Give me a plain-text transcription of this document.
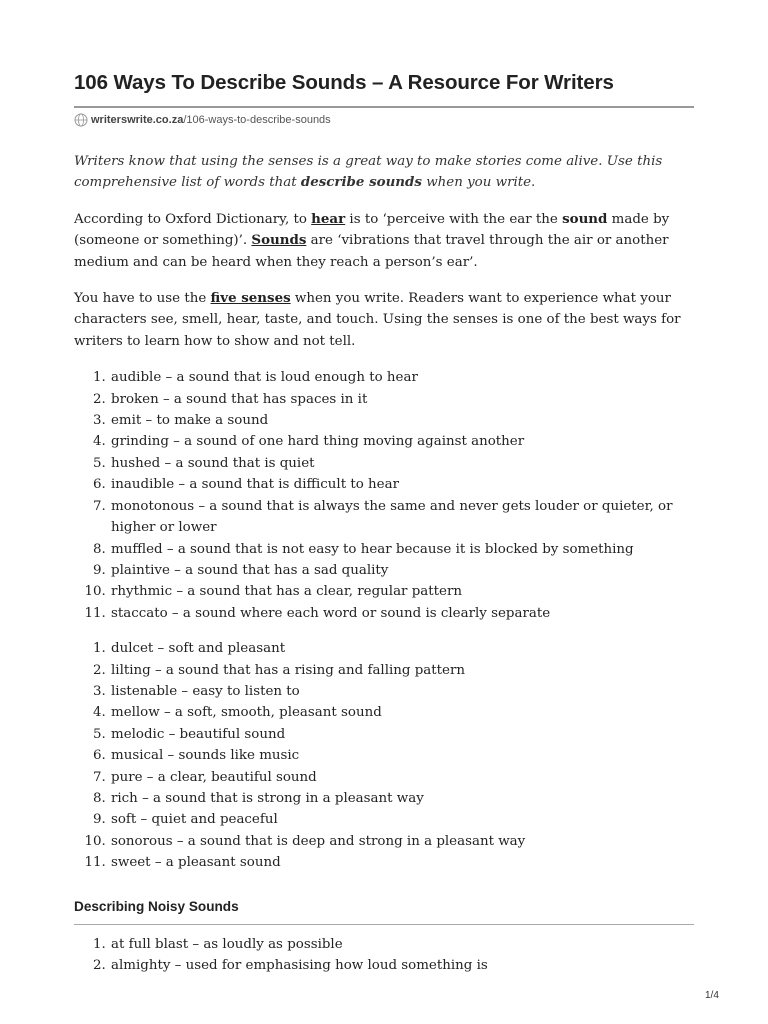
106 Ways To Describe Sounds – A Resource For Writers
writerswrite.co.za /106-ways-to-describe-sounds

Writers know that using the senses is a great way to make stories come alive. Use this comprehensive list of words that describe sounds when you write.

According to Oxford Dictionary, to hear is to ‘perceive with the ear the sound made by (someone or something)’. Sounds are ‘vibrations that travel through the air or another medium and can be heard when they reach a person’s ear’.

You have to use the five senses when you write. Readers want to experience what your characters see, smell, hear, taste, and touch. Using the senses is one of the best ways for writers to learn how to show and not tell.

1. audible – a sound that is loud enough to hear
2. broken – a sound that has spaces in it
3. emit – to make a sound
4. grinding – a sound of one hard thing moving against another
5. hushed – a sound that is quiet
6. inaudible – a sound that is difficult to hear
7. monotonous – a sound that is always the same and never gets louder or quieter, or higher or lower
8. muffled – a sound that is not easy to hear because it is blocked by something
9. plaintive – a sound that has a sad quality
10. rhythmic – a sound that has a clear, regular pattern
11. staccato – a sound where each word or sound is clearly separate
1. dulcet – soft and pleasant
2. lilting – a sound that has a rising and falling pattern
3. listenable – easy to listen to
4. mellow – a soft, smooth, pleasant sound
5. melodic – beautiful sound
6. musical – sounds like music
7. pure – a clear, beautiful sound
8. rich – a sound that is strong in a pleasant way
9. soft – quiet and peaceful
10. sonorous – a sound that is deep and strong in a pleasant way
11. sweet – a pleasant sound
Describing Noisy Sounds
1. at full blast – as loudly as possible
2. almighty – used for emphasising how loud something is
1/4
